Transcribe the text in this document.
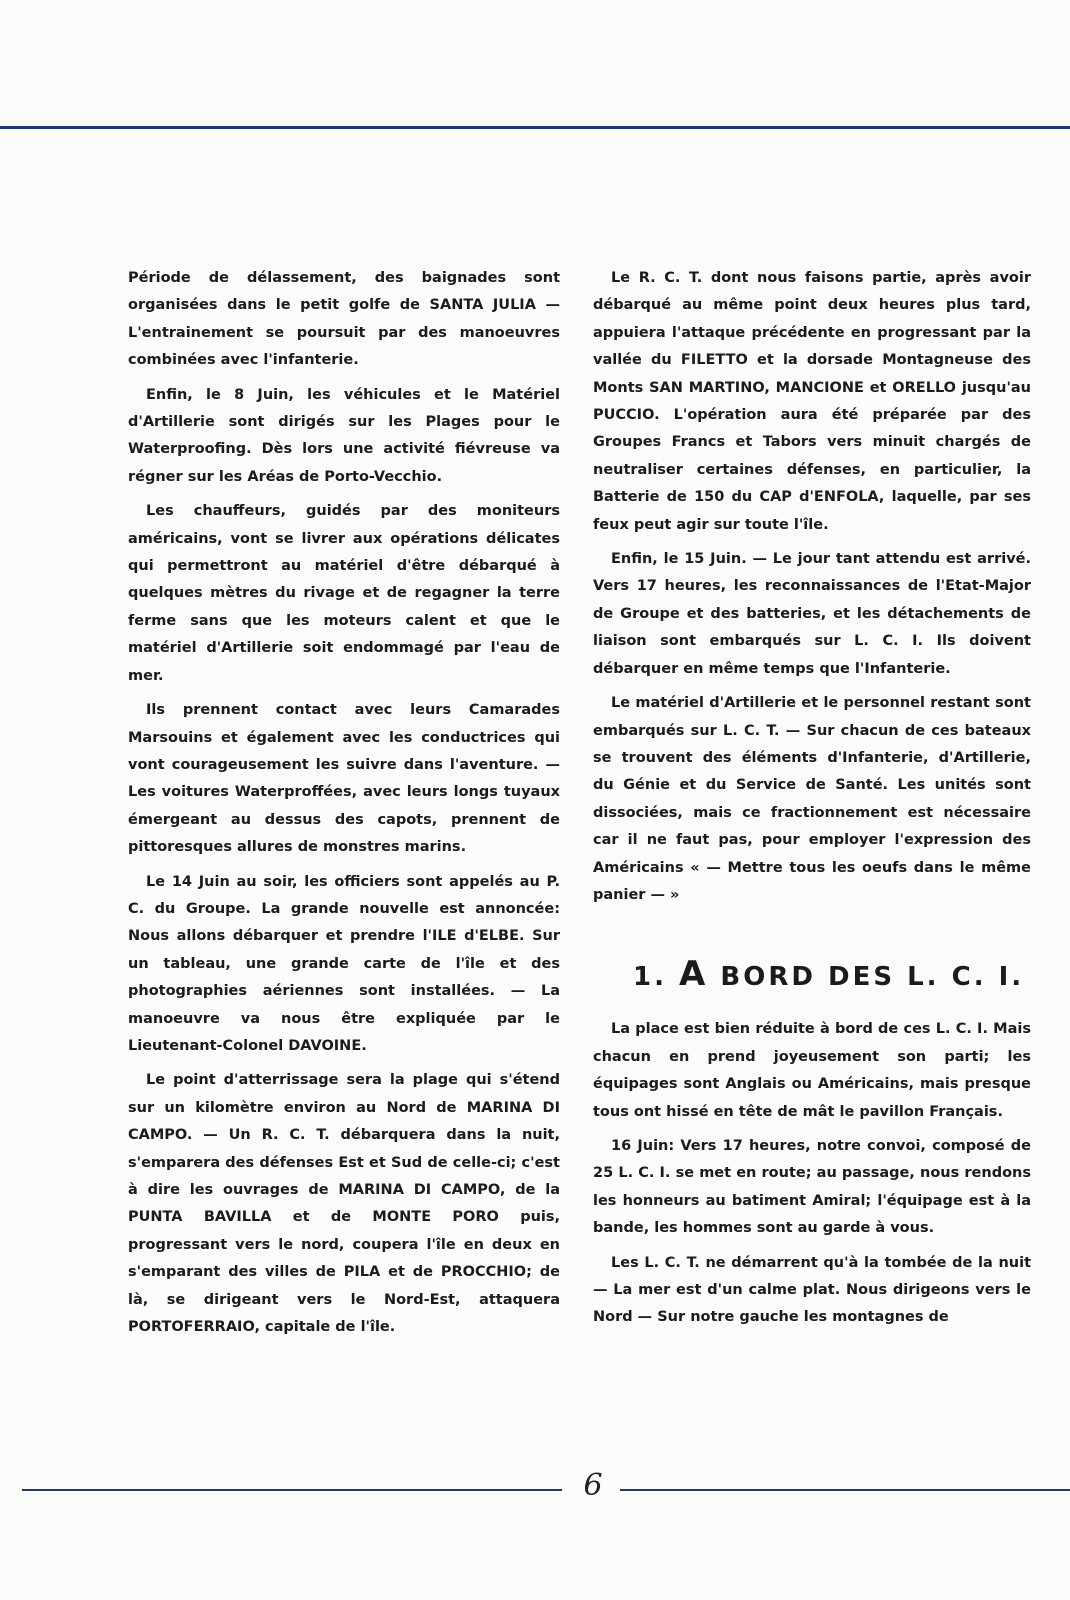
Période de délassement, des baignades sont organisées dans le petit golfe de SANTA JULIA — L'entrainement se poursuit par des manoeuvres combinées avec l'infanterie.

Enfin, le 8 Juin, les véhicules et le Matériel d'Artillerie sont dirigés sur les Plages pour le Waterproofing. Dès lors une activité fiévreuse va régner sur les Aréas de Porto-Vecchio.

Les chauffeurs, guidés par des moniteurs américains, vont se livrer aux opérations délicates qui permettront au matériel d'être débarqué à quelques mètres du rivage et de regagner la terre ferme sans que les moteurs calent et que le matériel d'Artillerie soit endommagé par l'eau de mer.

Ils prennent contact avec leurs Camarades Marsouins et également avec les conductrices qui vont courageusement les suivre dans l'aventure. — Les voitures Waterproffées, avec leurs longs tuyaux émergeant au dessus des capots, prennent de pittoresques allures de monstres marins.

Le 14 Juin au soir, les officiers sont appelés au P. C. du Groupe. La grande nouvelle est annoncée: Nous allons débarquer et prendre l'ILE d'ELBE. Sur un tableau, une grande carte de l'île et des photographies aériennes sont installées. — La manoeuvre va nous être expliquée par le Lieutenant-Colonel DAVOINE.

Le point d'atterrissage sera la plage qui s'étend sur un kilomètre environ au Nord de MARINA DI CAMPO. — Un R. C. T. débarquera dans la nuit, s'emparera des défenses Est et Sud de celle-ci; c'est à dire les ouvrages de MARINA DI CAMPO, de la PUNTA BAVILLA et de MONTE PORO puis, progressant vers le nord, coupera l'île en deux en s'emparant des villes de PILA et de PROCCHIO; de là, se dirigeant vers le Nord-Est, attaquera PORTOFERRAIO, capitale de l'île.

Le R. C. T. dont nous faisons partie, après avoir débarqué au même point deux heures plus tard, appuiera l'attaque précédente en progressant par la vallée du FILETTO et la dorsade Montagneuse des Monts SAN MARTINO, MANCIONE et ORELLO jusqu'au PUCCIO. L'opération aura été préparée par des Groupes Francs et Tabors vers minuit chargés de neutraliser certaines défenses, en particulier, la Batterie de 150 du CAP d'ENFOLA, laquelle, par ses feux peut agir sur toute l'île.

Enfin, le 15 Juin. — Le jour tant attendu est arrivé. Vers 17 heures, les reconnaissances de l'Etat-Major de Groupe et des batteries, et les détachements de liaison sont embarqués sur L. C. I. Ils doivent débarquer en même temps que l'Infanterie.

Le matériel d'Artillerie et le personnel restant sont embarqués sur L. C. T. — Sur chacun de ces bateaux se trouvent des éléments d'Infanterie, d'Artillerie, du Génie et du Service de Santé. Les unités sont dissociées, mais ce fractionnement est nécessaire car il ne faut pas, pour employer l'expression des Américains « — Mettre tous les oeufs dans le même panier — »

1. A BORD DES L. C. I.

La place est bien réduite à bord de ces L. C. I. Mais chacun en prend joyeusement son parti; les équipages sont Anglais ou Américains, mais presque tous ont hissé en tête de mât le pavillon Français.

16 Juin: Vers 17 heures, notre convoi, composé de 25 L. C. I. se met en route; au passage, nous rendons les honneurs au batiment Amiral; l'équipage est à la bande, les hommes sont au garde à vous.

Les L. C. T. ne démarrent qu'à la tombée de la nuit — La mer est d'un calme plat. Nous dirigeons vers le Nord — Sur notre gauche les montagnes de

6
